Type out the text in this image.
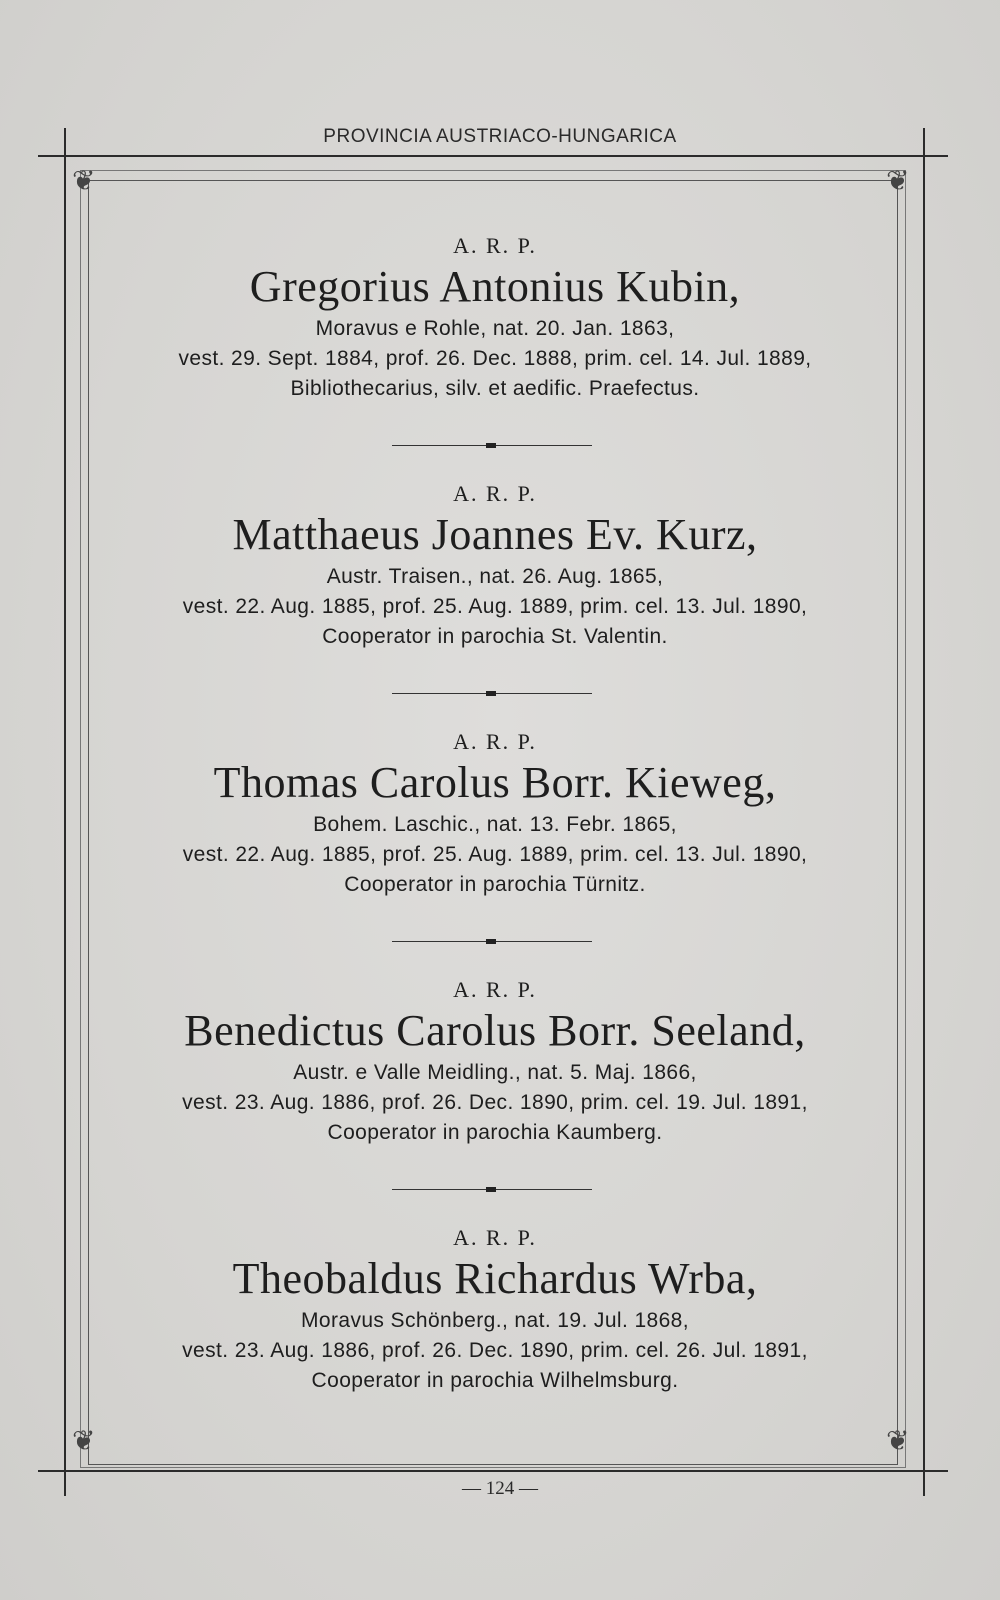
PROVINCIA AUSTRIACO-HUNGARICA
❦	❦
❦	❦
A. R. P.
Gregorius Antonius Kubin,
Moravus e Rohle, nat. 20. Jan. 1863,
vest. 29. Sept. 1884, prof. 26. Dec. 1888, prim. cel. 14. Jul. 1889,
Bibliothecarius, silv. et aedific. Praefectus.
A. R. P.
Matthaeus Joannes Ev. Kurz,
Austr. Traisen., nat. 26. Aug. 1865,
vest. 22. Aug. 1885, prof. 25. Aug. 1889, prim. cel. 13. Jul. 1890,
Cooperator in parochia St. Valentin.
A. R. P.
Thomas Carolus Borr. Kieweg,
Bohem. Laschic., nat. 13. Febr. 1865,
vest. 22. Aug. 1885, prof. 25. Aug. 1889, prim. cel. 13. Jul. 1890,
Cooperator in parochia Türnitz.
A. R. P.
Benedictus Carolus Borr. Seeland,
Austr. e Valle Meidling., nat. 5. Maj. 1866,
vest. 23. Aug. 1886, prof. 26. Dec. 1890, prim. cel. 19. Jul. 1891,
Cooperator in parochia Kaumberg.
A. R. P.
Theobaldus Richardus Wrba,
Moravus Schönberg., nat. 19. Jul. 1868,
vest. 23. Aug. 1886, prof. 26. Dec. 1890, prim. cel. 26. Jul. 1891,
Cooperator in parochia Wilhelmsburg.
— 124 —
